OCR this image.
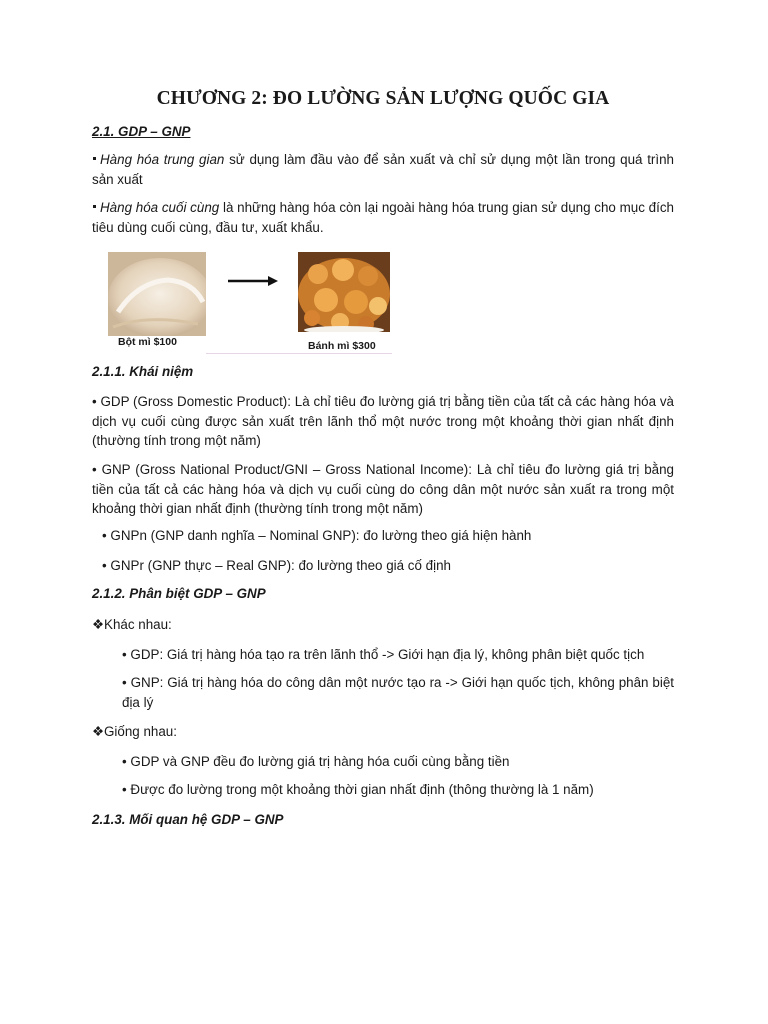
CHƯƠNG 2: ĐO LƯỜNG SẢN LƯỢNG QUỐC GIA

2.1. GDP – GNP

Hàng hóa trung gian sử dụng làm đầu vào để sản xuất và chỉ sử dụng một lần trong quá trình sản xuất

Hàng hóa cuối cùng là những hàng hóa còn lại ngoài hàng hóa trung gian sử dụng cho mục đích tiêu dùng cuối cùng, đầu tư, xuất khẩu.

Bột mì $100	Bánh mì $300

2.1.1. Khái niệm

• GDP (Gross Domestic Product): Là chỉ tiêu đo lường giá trị bằng tiền của tất cả các hàng hóa và dịch vụ cuối cùng được sản xuất trên lãnh thổ một nước trong một khoảng thời gian nhất định (thường tính trong một năm)

• GNP (Gross National Product/GNI – Gross National Income): Là chỉ tiêu đo lường giá trị bằng tiền của tất cả các hàng hóa và dịch vụ cuối cùng do công dân một nước sản xuất ra trong một khoảng thời gian nhất định (thường tính trong một năm)

• GNPn (GNP danh nghĩa – Nominal GNP): đo lường theo giá hiện hành

• GNPr (GNP thực – Real GNP): đo lường theo giá cố định

2.1.2. Phân biệt GDP – GNP

❖Khác nhau:

• GDP: Giá trị hàng hóa tạo ra trên lãnh thổ -> Giới hạn địa lý, không phân biệt quốc tịch

• GNP: Giá trị hàng hóa do công dân một nước tạo ra -> Giới hạn quốc tịch, không phân biệt địa lý

❖Giống nhau:

• GDP và GNP đều đo lường giá trị hàng hóa cuối cùng bằng tiền

• Được đo lường trong một khoảng thời gian nhất định (thông thường là 1 năm)

2.1.3. Mối quan hệ GDP – GNP
